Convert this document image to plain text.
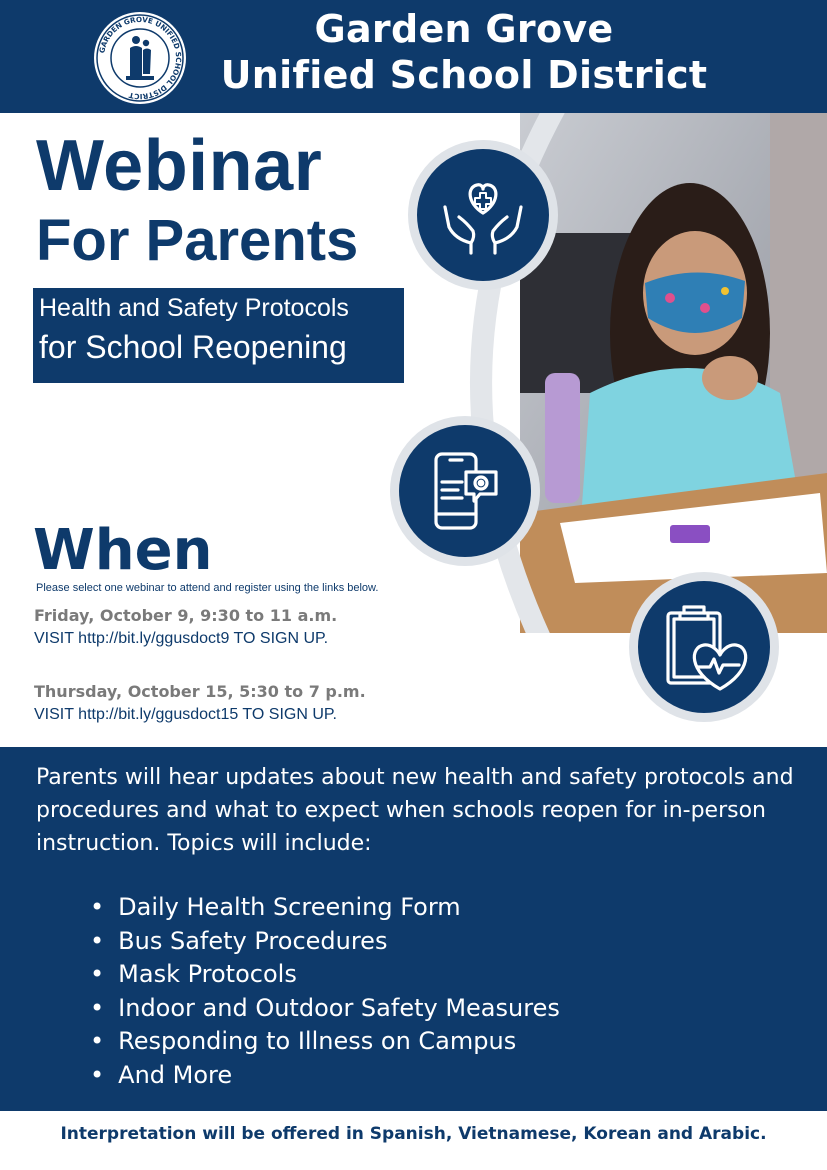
GARDEN GROVE UNIFIED SCHOOL DISTRICT
Garden Grove
Unified School District
Webinar
For Parents
Health and Safety Protocols
for School Reopening
When
Please select one webinar to attend and register using the links below.
Friday, October 9, 9:30 to 11 a.m.
VISIT http://bit.ly/ggusdoct9 TO SIGN UP.
Thursday, October 15, 5:30 to 7 p.m.
VISIT http://bit.ly/ggusdoct15 TO SIGN UP.
Parents will hear updates about new health and safety protocols and procedures and what to expect when schools reopen for in-person instruction. Topics will include:
• Daily Health Screening Form
• Bus Safety Procedures
• Mask Protocols
• Indoor and Outdoor Safety Measures
• Responding to Illness on Campus
• And More
Interpretation will be offered in Spanish, Vietnamese, Korean and Arabic.
